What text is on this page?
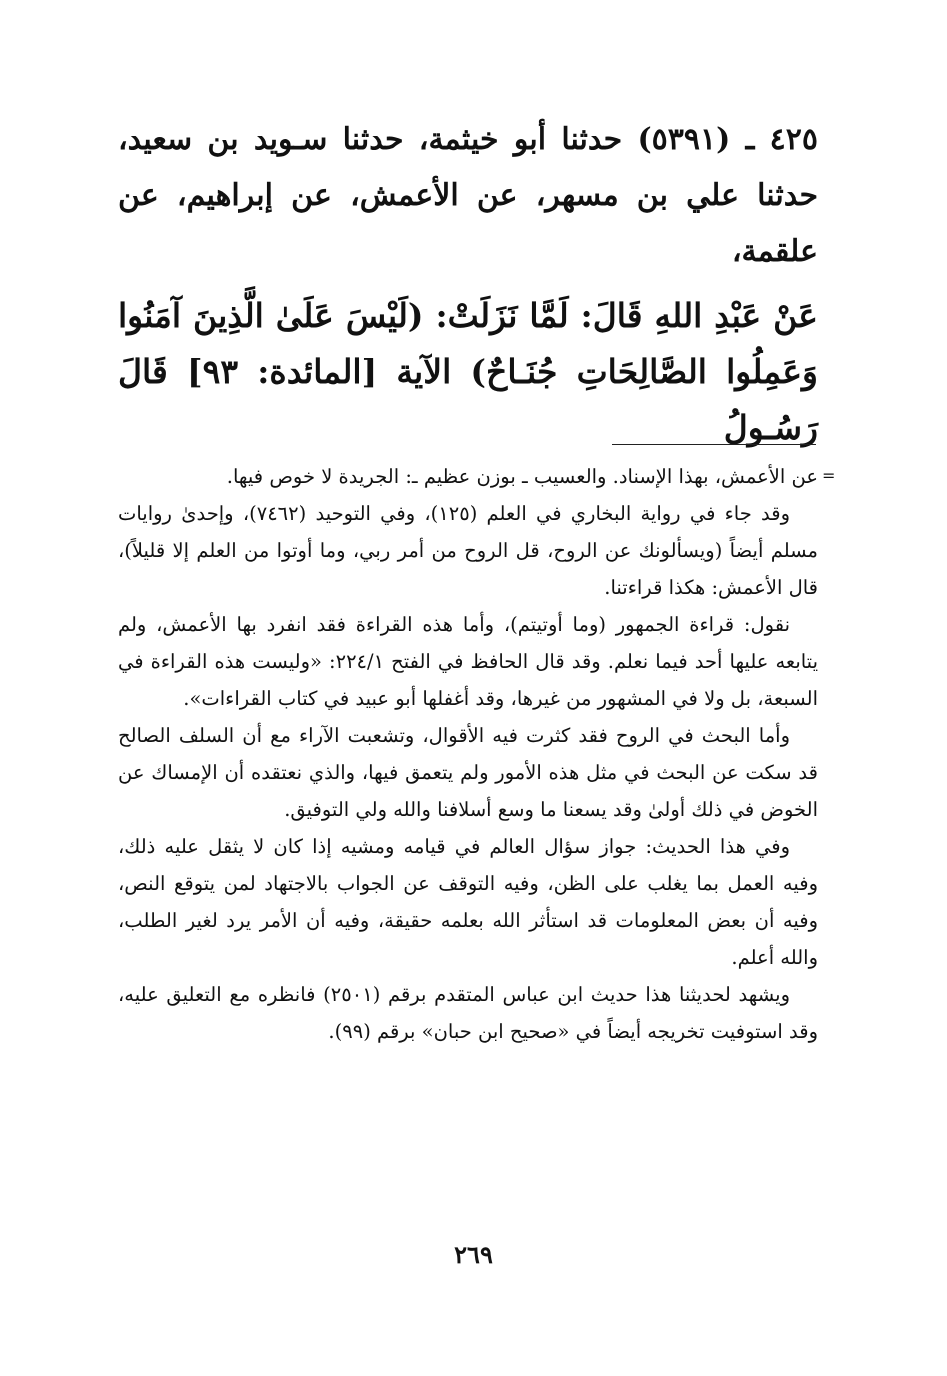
٤٢٥ ـ (٥٣٩١) حدثنا أبو خيثمة، حدثنا سـويد بن سعيد، حدثنا علي بن مسهر، عن الأعمش، عن إبراهيم، عن علقمة،

عَنْ عَبْدِ اللهِ قَالَ: لَمَّا نَزَلَتْ: (لَيْسَ عَلَىٰ الَّذِينَ آمَنُوا وَعَمِلُوا الصَّالِحَاتِ جُنَـاحٌ) الآية [المائدة: ٩٣] قَالَ رَسُـولُ

=

عن الأعمش، بهذا الإسناد. والعسيب ـ بوزن عظيم ـ: الجريدة لا خوص فيها.

وقد جاء في رواية البخاري في العلم (١٢٥)، وفي التوحيد (٧٤٦٢)، وإحدىٰ روايات مسلم أيضاً (ويسألونك عن الروح، قل الروح من أمر ربي، وما أوتوا من العلم إلا قليلاً)، قال الأعمش: هكذا قراءتنا.

نقول: قراءة الجمهور (وما أوتيتم)، وأما هذه القراءة فقد انفرد بها الأعمش، ولم يتابعه عليها أحد فيما نعلم. وقد قال الحافظ في الفتح ٢٢٤/١: «وليست هذه القراءة في السبعة، بل ولا في المشهور من غيرها، وقد أغفلها أبو عبيد في كتاب القراءات».

وأما البحث في الروح فقد كثرت فيه الأقوال، وتشعبت الآراء مع أن السلف الصالح قد سكت عن البحث في مثل هذه الأمور ولم يتعمق فيها، والذي نعتقده أن الإمساك عن الخوض في ذلك أولىٰ وقد يسعنا ما وسع أسلافنا والله ولي التوفيق.

وفي هذا الحديث: جواز سؤال العالم في قيامه ومشيه إذا كان لا يثقل عليه ذلك، وفيه العمل بما يغلب على الظن، وفيه التوقف عن الجواب بالاجتهاد لمن يتوقع النص، وفيه أن بعض المعلومات قد استأثر الله بعلمه حقيقة، وفيه أن الأمر يرد لغير الطلب، والله أعلم.

ويشهد لحديثنا هذا حديث ابن عباس المتقدم برقم (٢٥٠١) فانظره مع التعليق عليه، وقد استوفيت تخريجه أيضاً في «صحيح ابن حبان» برقم (٩٩).

٢٦٩
